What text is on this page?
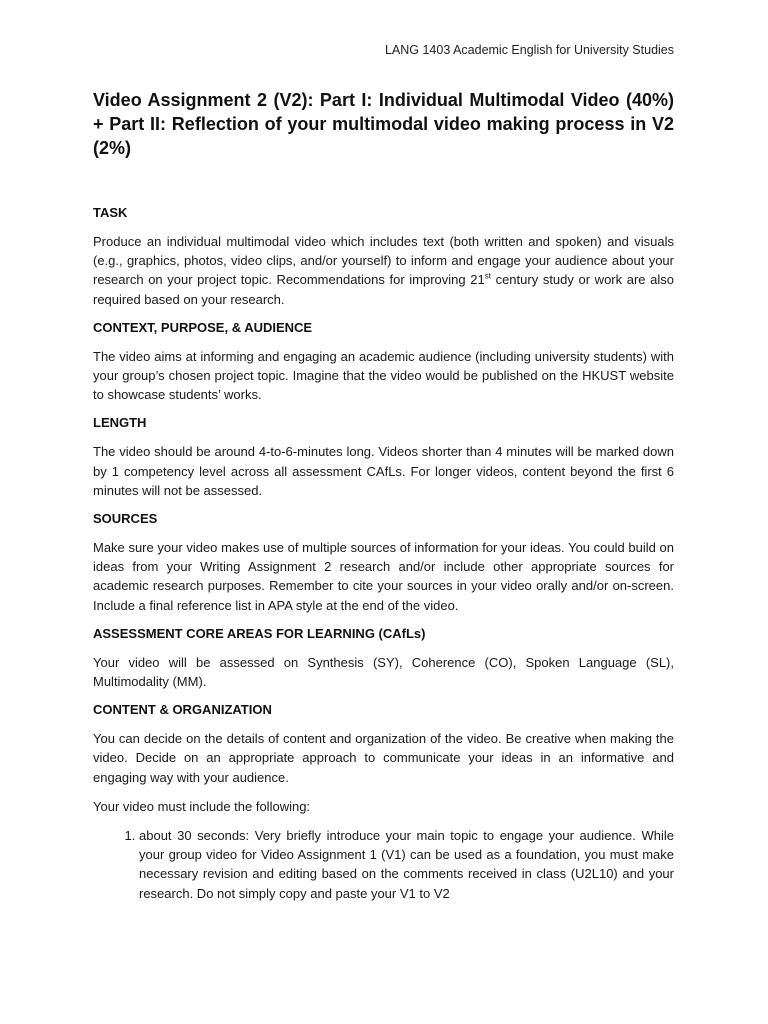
LANG 1403 Academic English for University Studies
Video Assignment 2 (V2): Part I: Individual Multimodal Video (40%) + Part II: Reflection of your multimodal video making process in V2 (2%)
TASK

Produce an individual multimodal video which includes text (both written and spoken) and visuals (e.g., graphics, photos, video clips, and/or yourself) to inform and engage your audience about your research on your project topic. Recommendations for improving 21st century study or work are also required based on your research.

CONTEXT, PURPOSE, & AUDIENCE

The video aims at informing and engaging an academic audience (including university students) with your group’s chosen project topic. Imagine that the video would be published on the HKUST website to showcase students’ works.

LENGTH

The video should be around 4-to-6-minutes long. Videos shorter than 4 minutes will be marked down by 1 competency level across all assessment CAfLs. For longer videos, content beyond the first 6 minutes will not be assessed.

SOURCES

Make sure your video makes use of multiple sources of information for your ideas. You could build on ideas from your Writing Assignment 2 research and/or include other appropriate sources for academic research purposes. Remember to cite your sources in your video orally and/or on-screen. Include a final reference list in APA style at the end of the video.

ASSESSMENT CORE AREAS FOR LEARNING (CAfLs)

Your video will be assessed on Synthesis (SY), Coherence (CO), Spoken Language (SL), Multimodality (MM).

CONTENT & ORGANIZATION

You can decide on the details of content and organization of the video. Be creative when making the video. Decide on an appropriate approach to communicate your ideas in an informative and engaging way with your audience.

Your video must include the following:

1. about 30 seconds: Very briefly introduce your main topic to engage your audience. While your group video for Video Assignment 1 (V1) can be used as a foundation, you must make necessary revision and editing based on the comments received in class (U2L10) and your research. Do not simply copy and paste your V1 to V2
